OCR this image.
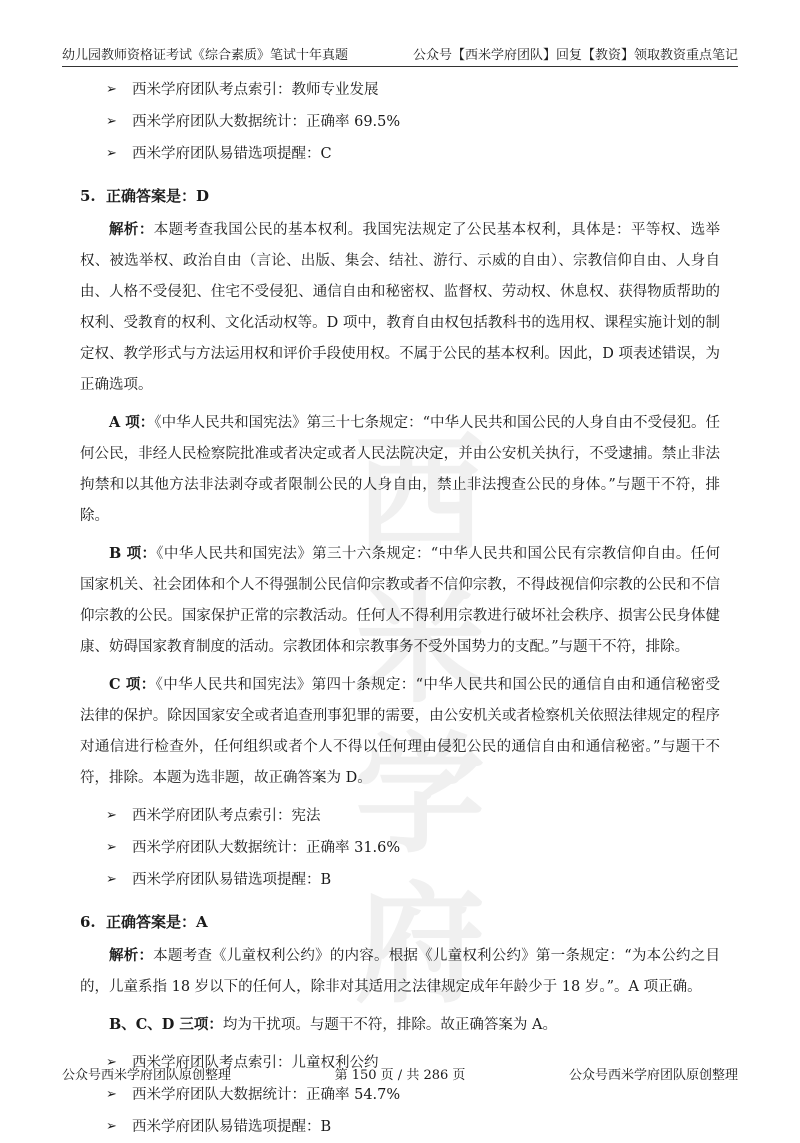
幼儿园教师资格证考试《综合素质》笔试十年真题	公众号【西米学府团队】回复【教资】领取教资重点笔记
西米
学府
➢ 西米学府团队考点索引：教师专业发展
➢ 西米学府团队大数据统计：正确率 69.5%
➢ 西米学府团队易错选项提醒：C
5. 正确答案是：D

解析：本题考查我国公民的基本权利。我国宪法规定了公民基本权利，具体是：平等权、选举权、被选举权、政治自由（言论、出版、集会、结社、游行、示威的自由）、宗教信仰自由、人身自由、人格不受侵犯、住宅不受侵犯、通信自由和秘密权、监督权、劳动权、休息权、获得物质帮助的权利、受教育的权利、文化活动权等。D 项中，教育自由权包括教科书的选用权、课程实施计划的制定权、教学形式与方法运用权和评价手段使用权。不属于公民的基本权利。因此，D 项表述错误，为正确选项。

A 项：《中华人民共和国宪法》第三十七条规定：“中华人民共和国公民的人身自由不受侵犯。任何公民，非经人民检察院批准或者决定或者人民法院决定，并由公安机关执行，不受逮捕。禁止非法拘禁和以其他方法非法剥夺或者限制公民的人身自由，禁止非法搜查公民的身体。”与题干不符，排除。

B 项：《中华人民共和国宪法》第三十六条规定：“中华人民共和国公民有宗教信仰自由。任何国家机关、社会团体和个人不得强制公民信仰宗教或者不信仰宗教，不得歧视信仰宗教的公民和不信仰宗教的公民。国家保护正常的宗教活动。任何人不得利用宗教进行破坏社会秩序、损害公民身体健康、妨碍国家教育制度的活动。宗教团体和宗教事务不受外国势力的支配。”与题干不符，排除。

C 项：《中华人民共和国宪法》第四十条规定：“中华人民共和国公民的通信自由和通信秘密受法律的保护。除因国家安全或者追查刑事犯罪的需要，由公安机关或者检察机关依照法律规定的程序对通信进行检查外，任何组织或者个人不得以任何理由侵犯公民的通信自由和通信秘密。”与题干不符，排除。本题为选非题，故正确答案为 D。

➢ 西米学府团队考点索引：宪法
➢ 西米学府团队大数据统计：正确率 31.6%
➢ 西米学府团队易错选项提醒：B
6. 正确答案是：A

解析：本题考查《儿童权利公约》的内容。根据《儿童权利公约》第一条规定：“为本公约之目的，儿童系指 18 岁以下的任何人，除非对其适用之法律规定成年年龄少于 18 岁。”。A 项正确。

B、C、D 三项：均为干扰项。与题干不符，排除。故正确答案为 A。

➢ 西米学府团队考点索引：儿童权利公约
➢ 西米学府团队大数据统计：正确率 54.7%
➢ 西米学府团队易错选项提醒：B
公众号西米学府团队原创整理	第 150 页 / 共 286 页	公众号西米学府团队原创整理
